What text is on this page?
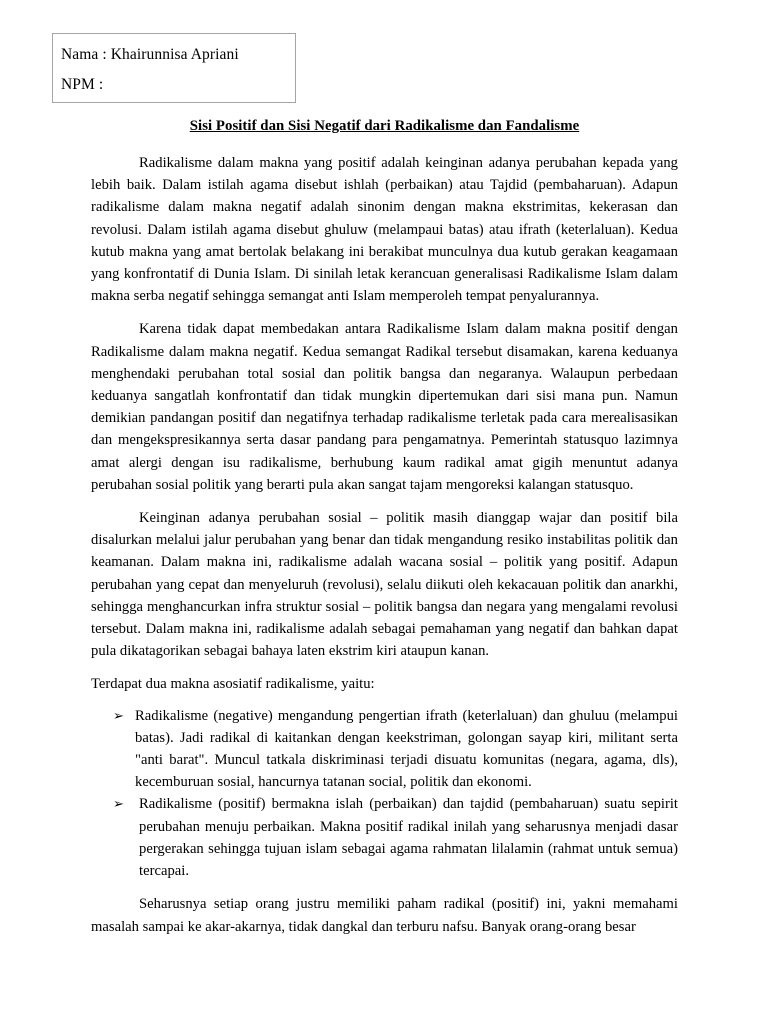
Nama : Khairunnisa Apriani
NPM :
Sisi Positif dan Sisi Negatif dari Radikalisme dan Fandalisme

Radikalisme dalam makna yang positif adalah keinginan adanya perubahan kepada yang lebih baik. Dalam istilah agama disebut ishlah (perbaikan) atau Tajdid (pembaharuan). Adapun radikalisme dalam makna negatif adalah sinonim dengan makna ekstrimitas, kekerasan dan revolusi. Dalam istilah agama disebut ghuluw (melampaui batas) atau ifrath (keterlaluan). Kedua kutub makna yang amat bertolak belakang ini berakibat munculnya dua kutub gerakan keagamaan yang konfrontatif di Dunia Islam. Di sinilah letak kerancuan generalisasi Radikalisme Islam dalam makna serba negatif sehingga semangat anti Islam memperoleh tempat penyalurannya.

Karena tidak dapat membedakan antara Radikalisme Islam dalam makna positif dengan Radikalisme dalam makna negatif. Kedua semangat Radikal tersebut disamakan, karena keduanya menghendaki perubahan total sosial dan politik bangsa dan negaranya. Walaupun perbedaan keduanya sangatlah konfrontatif dan tidak mungkin dipertemukan dari sisi mana pun. Namun demikian pandangan positif dan negatifnya terhadap radikalisme terletak pada cara merealisasikan dan mengekspresikannya serta dasar pandang para pengamatnya. Pemerintah statusquo lazimnya amat alergi dengan isu radikalisme, berhubung kaum radikal amat gigih menuntut adanya perubahan sosial politik yang berarti pula akan sangat tajam mengoreksi kalangan statusquo.

Keinginan adanya perubahan sosial – politik masih dianggap wajar dan positif bila disalurkan melalui jalur perubahan yang benar dan tidak mengandung resiko instabilitas politik dan keamanan. Dalam makna ini, radikalisme adalah wacana sosial – politik yang positif. Adapun perubahan yang cepat dan menyeluruh (revolusi), selalu diikuti oleh kekacauan politik dan anarkhi, sehingga menghancurkan infra struktur sosial – politik bangsa dan negara yang mengalami revolusi tersebut. Dalam makna ini, radikalisme adalah sebagai pemahaman yang negatif dan bahkan dapat pula dikatagorikan sebagai bahaya laten ekstrim kiri ataupun kanan.

Terdapat dua makna asosiatif radikalisme, yaitu:

➢ Radikalisme (negative) mengandung pengertian ifrath (keterlaluan) dan ghuluu (melampui batas). Jadi radikal di kaitankan dengan keekstriman, golongan sayap kiri, militant serta "anti barat". Muncul tatkala diskriminasi terjadi disuatu komunitas (negara, agama, dls), kecemburuan sosial, hancurnya tatanan social, politik dan ekonomi.
➢ Radikalisme (positif) bermakna islah (perbaikan) dan tajdid (pembaharuan) suatu sepirit perubahan menuju perbaikan. Makna positif radikal inilah yang seharusnya menjadi dasar pergerakan sehingga tujuan islam sebagai agama rahmatan lilalamin (rahmat untuk semua) tercapai.

Seharusnya setiap orang justru memiliki paham radikal (positif) ini, yakni memahami masalah sampai ke akar-akarnya, tidak dangkal dan terburu nafsu. Banyak orang-orang besar
